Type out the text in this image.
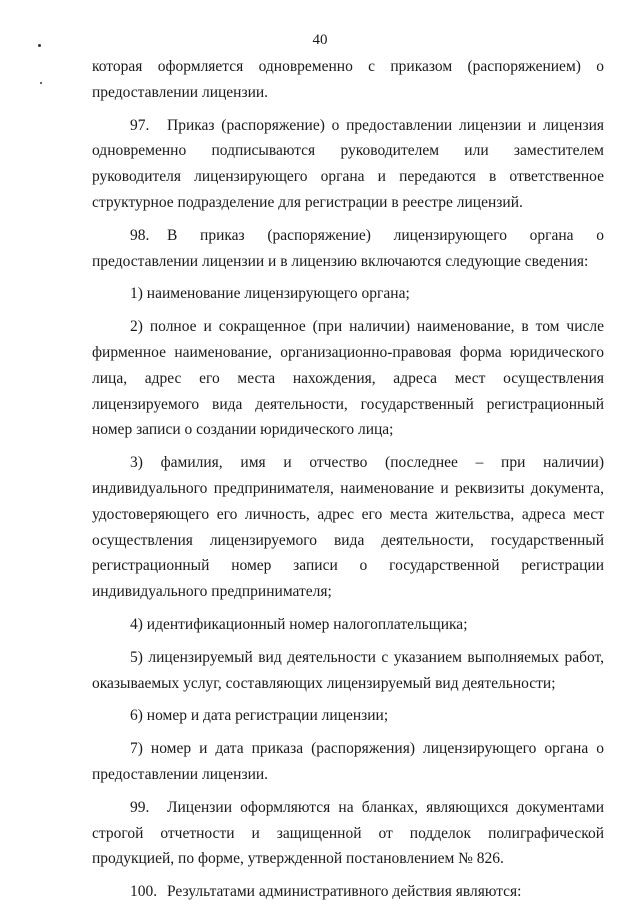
40

которая оформляется одновременно с приказом (распоряжением) о предоставлении лицензии.

97. Приказ (распоряжение) о предоставлении лицензии и лицензия одновременно подписываются руководителем или заместителем руководителя лицензирующего органа и передаются в ответственное структурное подразделение для регистрации в реестре лицензий.

98. В приказ (распоряжение) лицензирующего органа о предоставлении лицензии и в лицензию включаются следующие сведения:

1) наименование лицензирующего органа;

2) полное и сокращенное (при наличии) наименование, в том числе фирменное наименование, организационно-правовая форма юридического лица, адрес его места нахождения, адреса мест осуществления лицензируемого вида деятельности, государственный регистрационный номер записи о создании юридического лица;

3) фамилия, имя и отчество (последнее – при наличии) индивидуального предпринимателя, наименование и реквизиты документа, удостоверяющего его личность, адрес его места жительства, адреса мест осуществления лицензируемого вида деятельности, государственный регистрационный номер записи о государственной регистрации индивидуального предпринимателя;

4) идентификационный номер налогоплательщика;

5) лицензируемый вид деятельности с указанием выполняемых работ, оказываемых услуг, составляющих лицензируемый вид деятельности;

6) номер и дата регистрации лицензии;

7) номер и дата приказа (распоряжения) лицензирующего органа о предоставлении лицензии.

99. Лицензии оформляются на бланках, являющихся документами строгой отчетности и защищенной от подделок полиграфической продукцией, по форме, утвержденной постановлением № 826.

100. Результатами административного действия являются:
